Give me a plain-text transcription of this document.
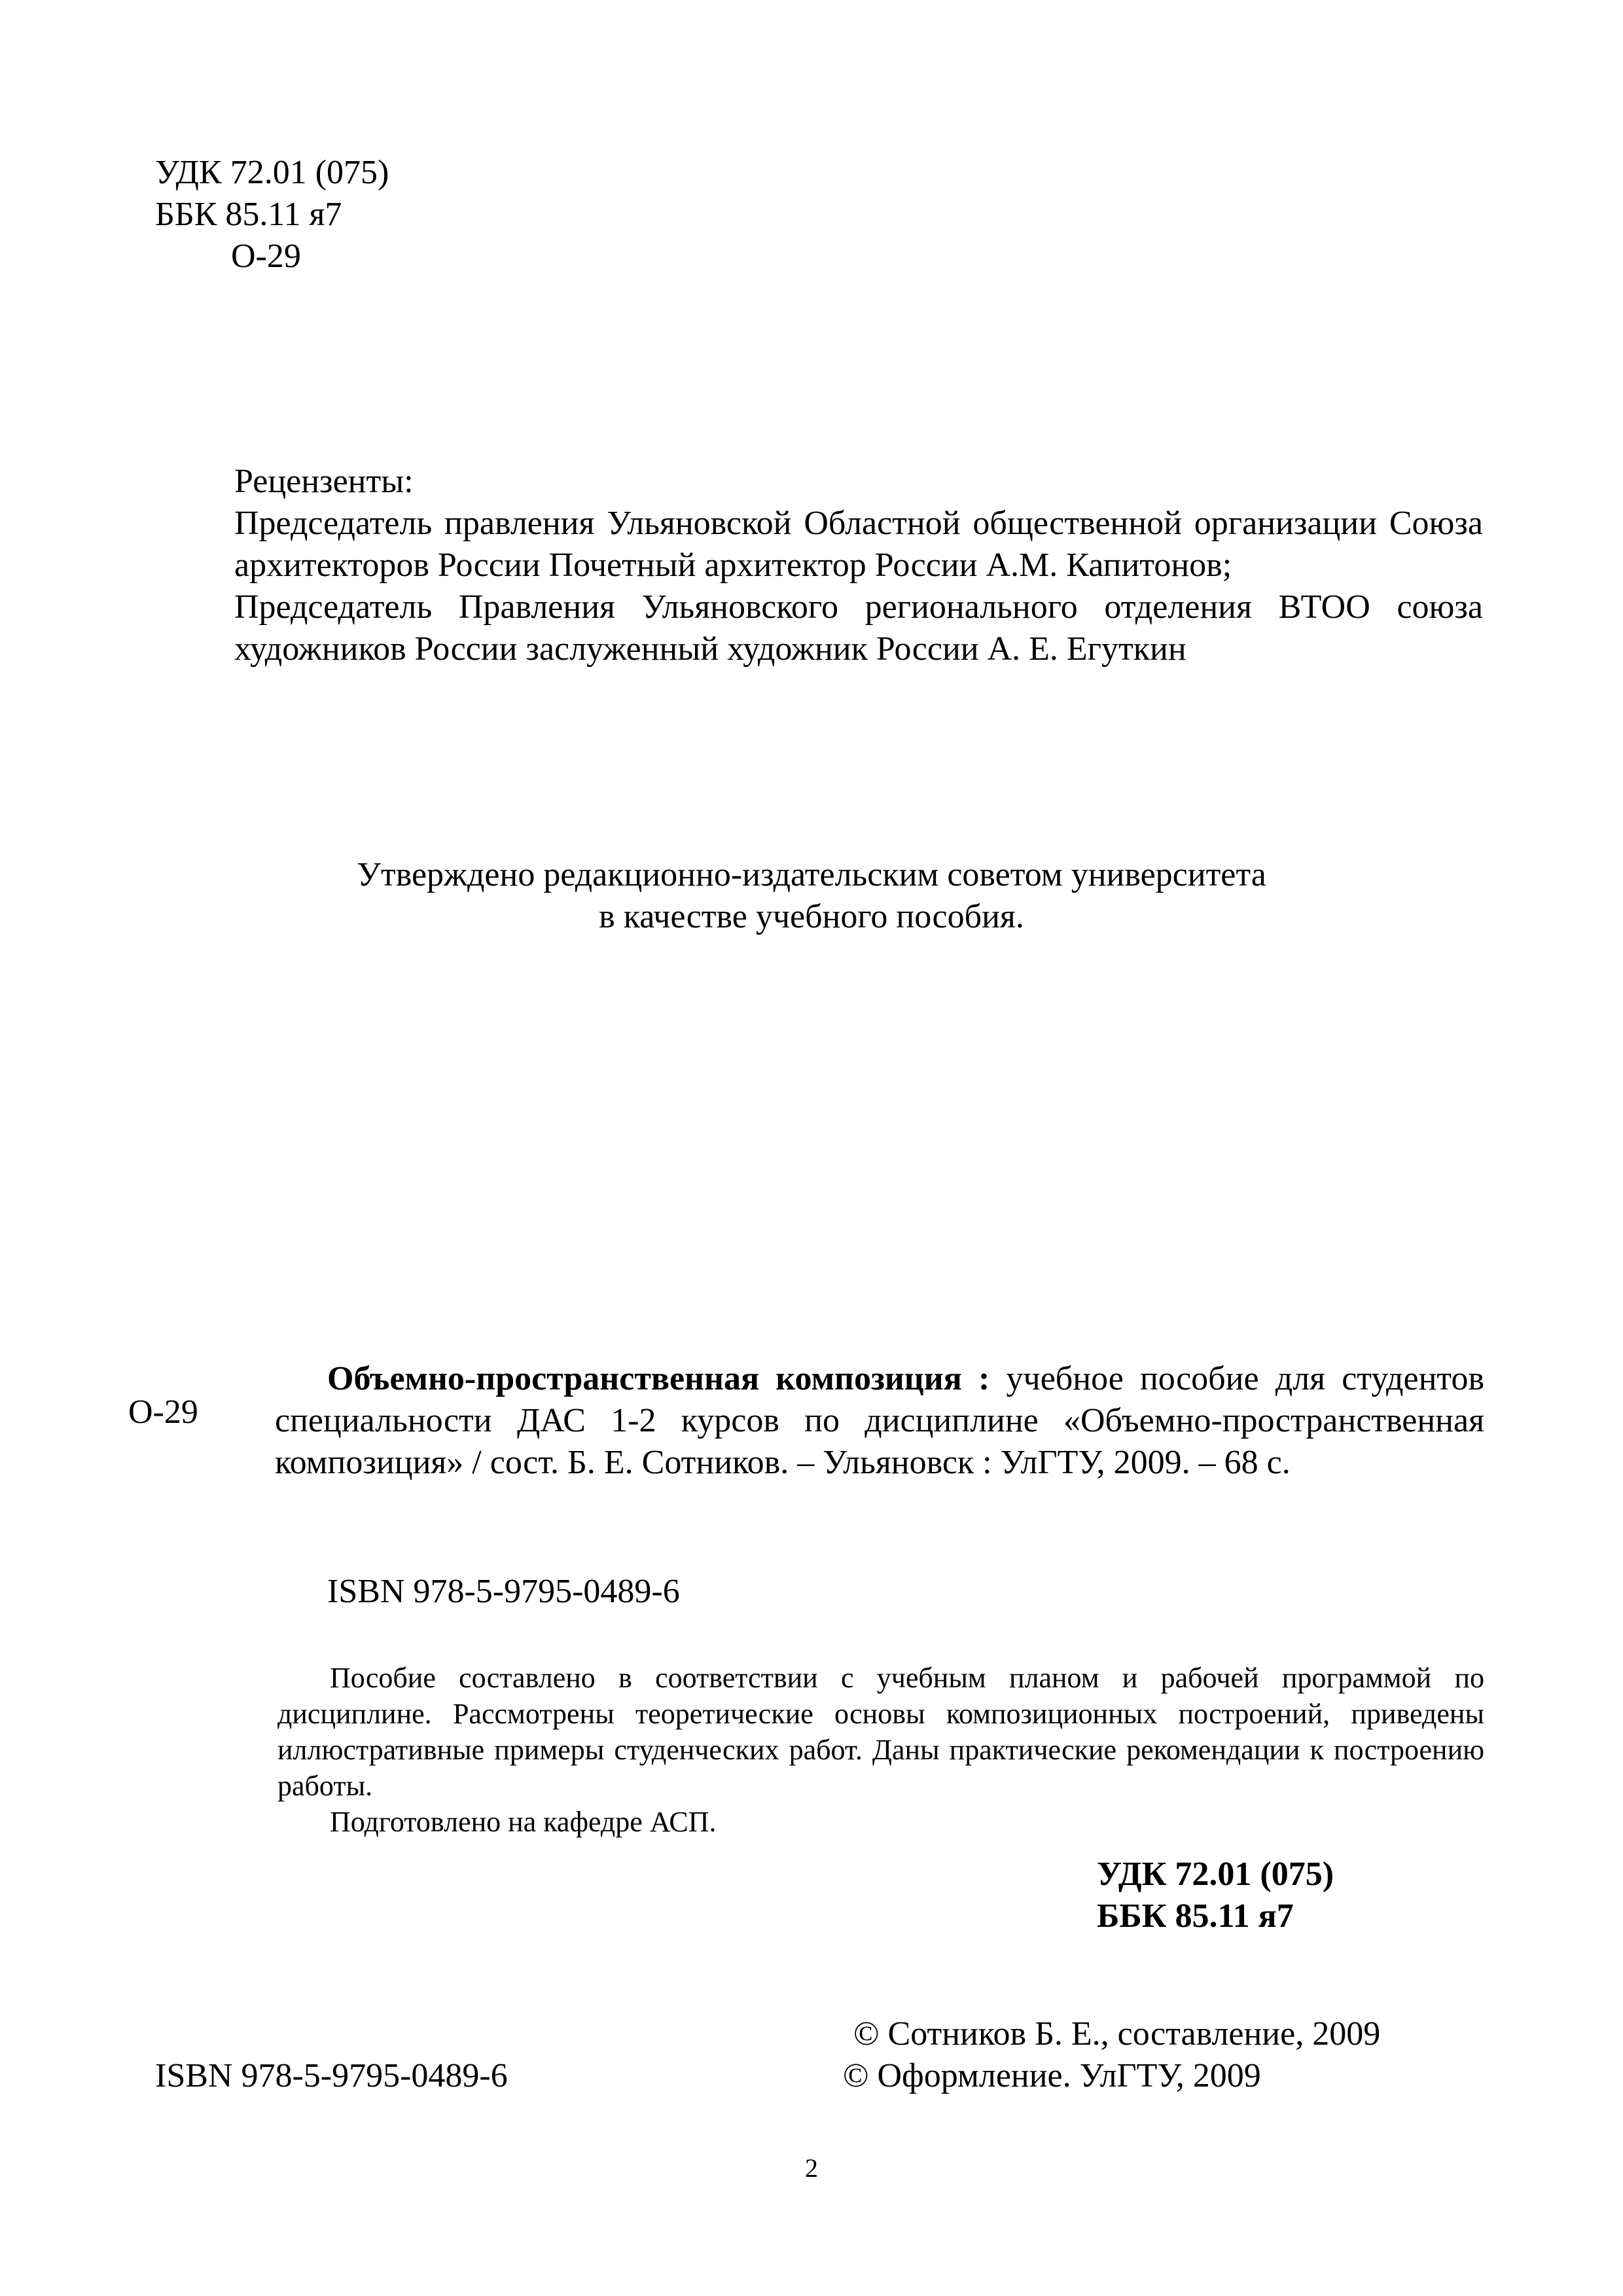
УДК 72.01 (075)
ББК 85.11 я7
О-29

Рецензенты:

Председатель правления Ульяновской Областной общественной организации Союза архитекторов России Почетный архитектор России А.М. Капитонов;

Председатель Правления Ульяновского регионального отделения ВТОО союза художников России заслуженный художник России А. Е. Егуткин

Утверждено редакционно-издательским советом университета

в качестве учебного пособия.

О-29

Объемно-пространственная композиция : учебное пособие для студентов специальности ДАС 1-2 курсов по дисциплине «Объемно-пространственная композиция» / сост. Б. Е. Сотников. – Ульяновск : УлГТУ, 2009. – 68 с.

ISBN 978-5-9795-0489-6

Пособие составлено в соответствии с учебным планом и рабочей программой по дисциплине. Рассмотрены теоретические основы композиционных построений, приведены иллюстративные примеры студенческих работ. Даны практические рекомендации к построению работы.

Подготовлено на кафедре АСП.

УДК 72.01 (075)
ББК 85.11 я7
© Сотников Б. Е., составление, 2009
© Оформление. УлГТУ, 2009
ISBN 978-5-9795-0489-6
2
